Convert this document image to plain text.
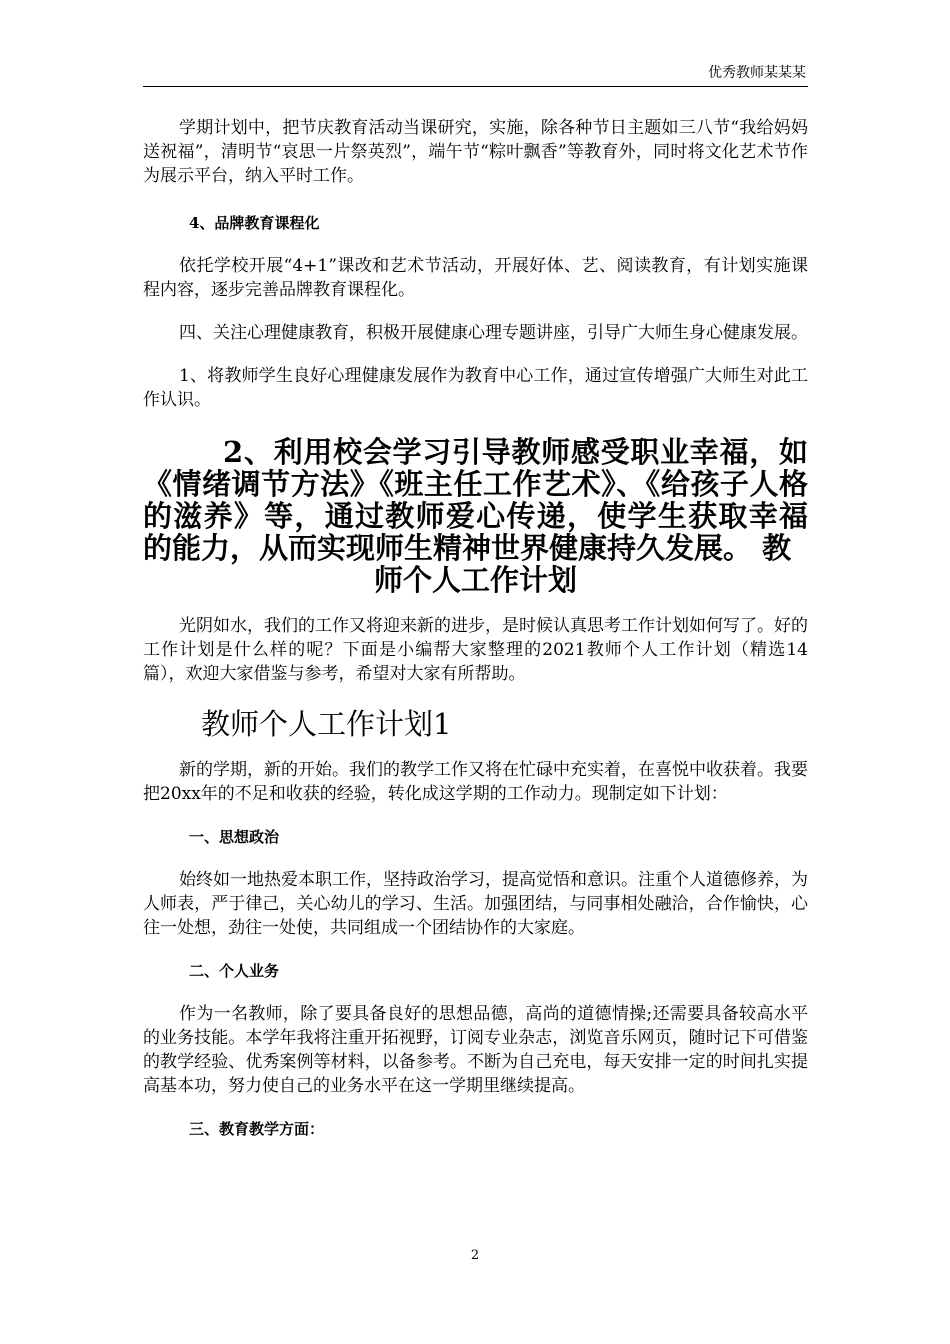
优秀教师某某某

学期计划中，把节庆教育活动当课研究，实施，除各种节日主题如三八节“我给妈妈送祝福”，清明节“哀思一片祭英烈”，端午节“粽叶飘香”等教育外，同时将文化艺术节作为展示平台，纳入平时工作。

4、品牌教育课程化

依托学校开展“4+1”课改和艺术节活动，开展好体、艺、阅读教育，有计划实施课程内容，逐步完善品牌教育课程化。

四、关注心理健康教育，积极开展健康心理专题讲座，引导广大师生身心健康发展。

1、将教师学生良好心理健康发展作为教育中心工作，通过宣传增强广大师生对此工作认识。

2、利用校会学习引导教师感受职业幸福，如《情绪调节方法》《班主任工作艺术》、《给孩子人格的滋养》等，通过教师爱心传递，使学生获取幸福的能力，从而实现师生精神世界健康持久发展。 教
师个人工作计划

光阴如水，我们的工作又将迎来新的进步，是时候认真思考工作计划如何写了。好的工作计划是什么样的呢？下面是小编帮大家整理的2021教师个人工作计划（精选14篇），欢迎大家借鉴与参考，希望对大家有所帮助。

教师个人工作计划1

新的学期，新的开始。我们的教学工作又将在忙碌中充实着，在喜悦中收获着。我要把20xx年的不足和收获的经验，转化成这学期的工作动力。现制定如下计划：

一、思想政治

始终如一地热爱本职工作，坚持政治学习，提高觉悟和意识。注重个人道德修养，为人师表，严于律己，关心幼儿的学习、生活。加强团结，与同事相处融洽，合作愉快，心往一处想，劲往一处使，共同组成一个团结协作的大家庭。

二、个人业务

作为一名教师，除了要具备良好的思想品德，高尚的道德情操;还需要具备较高水平的业务技能。本学年我将注重开拓视野，订阅专业杂志，浏览音乐网页，随时记下可借鉴的教学经验、优秀案例等材料，以备参考。不断为自己充电，每天安排一定的时间扎实提高基本功，努力使自己的业务水平在这一学期里继续提高。

三、教育教学方面：

2
